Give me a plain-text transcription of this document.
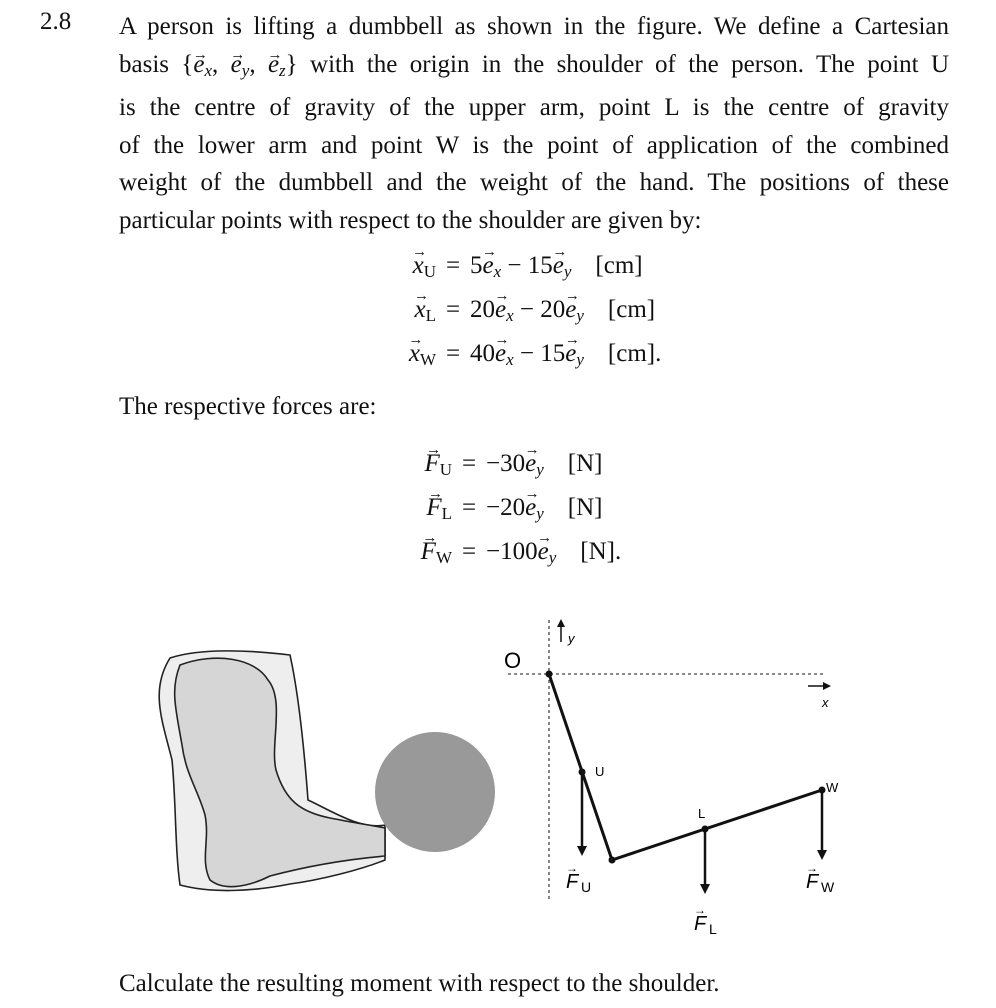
2.8 A person is lifting a dumbbell as shown in the figure. We define a Cartesian
basis {→ ex, → ey, → ez} with the origin in the shoulder of the person. The point U
is the centre of gravity of the upper arm, point L is the centre of gravity
of the lower arm and point W is the point of application of the combined
weight of the dumbbell and the weight of the hand. The positions of these
particular points with respect to the shoulder are given by:
→ $x_U = 5\to$ ex − 15→ ey [cm]
→ $x_L = 20\to$ ex − 20→ ey [cm]
→ $x_W = 40\to$ ex − 15→ ey [cm].

The respective forces are:

→ $F_U = -30\to$ ey [N]
→ $F_L = -20\to$ ey [N]
→ $F_W = -100\to$ ey [N].
O
y
x
U
L
W
F
→
U
F
→
L
F
→
W

Calculate the resulting moment with respect to the shoulder.
